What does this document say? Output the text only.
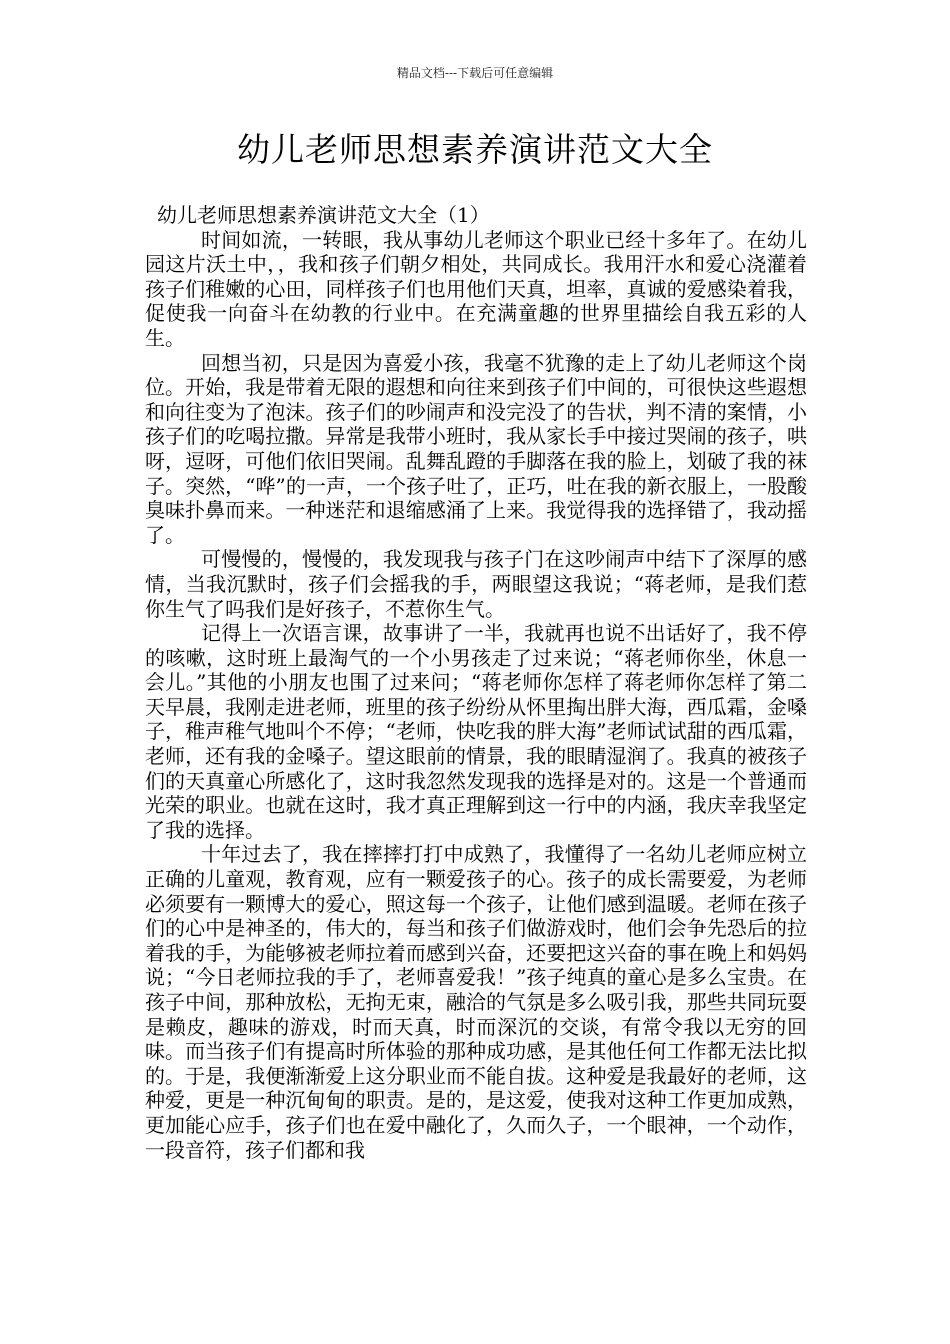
精品文档---下载后可任意编辑
幼儿老师思想素养演讲范文大全

幼儿老师思想素养演讲范文大全（1）

时间如流，一转眼，我从事幼儿老师这个职业已经十多年了。在幼儿园这片沃土中，，我和孩子们朝夕相处，共同成长。我用汗水和爱心浇灌着孩子们稚嫩的心田，同样孩子们也用他们天真，坦率，真诚的爱感染着我，促使我一向奋斗在幼教的行业中。在充满童趣的世界里描绘自我五彩的人生。

回想当初，只是因为喜爱小孩，我毫不犹豫的走上了幼儿老师这个岗位。开始，我是带着无限的遐想和向往来到孩子们中间的，可很快这些遐想和向往变为了泡沫。孩子们的吵闹声和没完没了的告状，判不清的案情，小孩子们的吃喝拉撒。异常是我带小班时，我从家长手中接过哭闹的孩子，哄呀，逗呀，可他们依旧哭闹。乱舞乱蹬的手脚落在我的脸上，划破了我的袜子。突然，“哗”的一声，一个孩子吐了，正巧，吐在我的新衣服上，一股酸臭味扑鼻而来。一种迷茫和退缩感涌了上来。我觉得我的选择错了，我动摇了。

可慢慢的，慢慢的，我发现我与孩子门在这吵闹声中结下了深厚的感情，当我沉默时，孩子们会摇我的手，两眼望这我说；“蒋老师，是我们惹你生气了吗我们是好孩子，不惹你生气。

记得上一次语言课，故事讲了一半，我就再也说不出话好了，我不停的咳嗽，这时班上最淘气的一个小男孩走了过来说；“蒋老师你坐，休息一会儿。”其他的小朋友也围了过来问；“蒋老师你怎样了蒋老师你怎样了第二天早晨，我刚走进老师，班里的孩子纷纷从怀里掏出胖大海，西瓜霜，金嗓子，稚声稚气地叫个不停；“老师，快吃我的胖大海”老师试试甜的西瓜霜，老师，还有我的金嗓子。望这眼前的情景，我的眼睛湿润了。我真的被孩子们的天真童心所感化了，这时我忽然发现我的选择是对的。这是一个普通而光荣的职业。也就在这时，我才真正理解到这一行中的内涵，我庆幸我坚定了我的选择。

十年过去了，我在摔摔打打中成熟了，我懂得了一名幼儿老师应树立正确的儿童观，教育观，应有一颗爱孩子的心。孩子的成长需要爱，为老师必须要有一颗博大的爱心，照这每一个孩子，让他们感到温暖。老师在孩子们的心中是神圣的，伟大的，每当和孩子们做游戏时，他们会争先恐后的拉着我的手，为能够被老师拉着而感到兴奋，还要把这兴奋的事在晚上和妈妈说；“今日老师拉我的手了，老师喜爱我！”孩子纯真的童心是多么宝贵。在孩子中间，那种放松，无拘无束，融洽的气氛是多么吸引我，那些共同玩耍是赖皮，趣味的游戏，时而天真，时而深沉的交谈，有常令我以无穷的回味。而当孩子们有提高时所体验的那种成功感，是其他任何工作都无法比拟的。于是，我便渐渐爱上这分职业而不能自拔。这种爱是我最好的老师，这种爱，更是一种沉甸甸的职责。是的，是这爱，使我对这种工作更加成熟，更加能心应手，孩子们也在爱中融化了，久而久子，一个眼神，一个动作，一段音符，孩子们都和我
